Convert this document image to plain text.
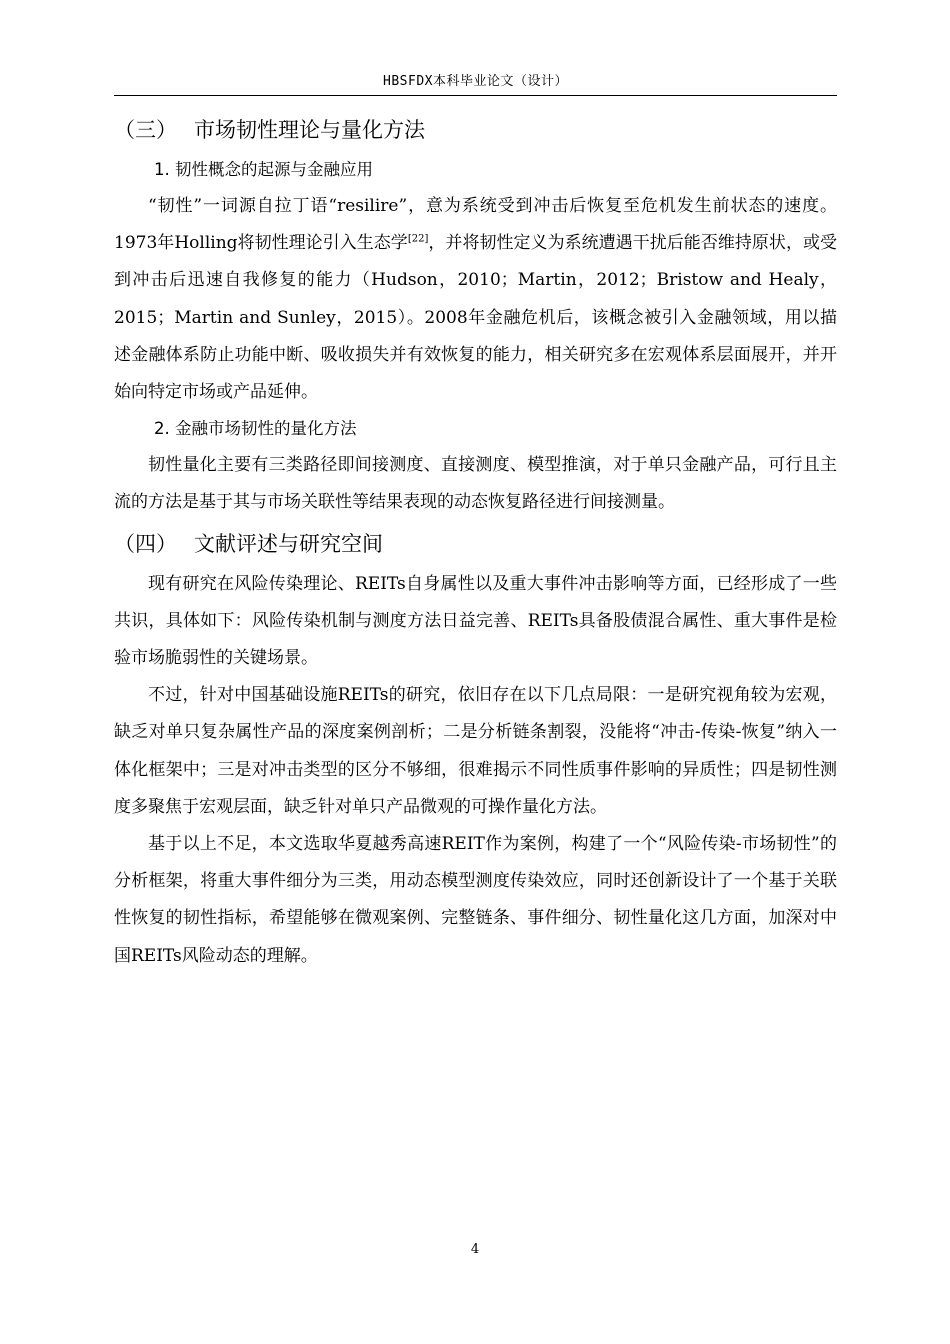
HBSFDX本科毕业论文（设计）
（三） 市场韧性理论与量化方法
1. 韧性概念的起源与金融应用

“韧性”一词源自拉丁语“resilire”，意为系统受到冲击后恢复至危机发生前状态的速度。1973年Holling将韧性理论引入生态学[22]，并将韧性定义为系统遭遇干扰后能否维持原状，或受到冲击后迅速自我修复的能力（Hudson，2010；Martin，2012；Bristow and Healy，2015；Martin and Sunley，2015）。2008年金融危机后，该概念被引入金融领域，用以描述金融体系防止功能中断、吸收损失并有效恢复的能力，相关研究多在宏观体系层面展开，并开始向特定市场或产品延伸。

2. 金融市场韧性的量化方法

韧性量化主要有三类路径即间接测度、直接测度、模型推演，对于单只金融产品，可行且主流的方法是基于其与市场关联性等结果表现的动态恢复路径进行间接测量。

（四） 文献评述与研究空间

现有研究在风险传染理论、REITs自身属性以及重大事件冲击影响等方面，已经形成了一些共识，具体如下：风险传染机制与测度方法日益完善、REITs具备股债混合属性、重大事件是检验市场脆弱性的关键场景。

不过，针对中国基础设施REITs的研究，依旧存在以下几点局限：一是研究视角较为宏观，缺乏对单只复杂属性产品的深度案例剖析；二是分析链条割裂，没能将“冲击-传染-恢复”纳入一体化框架中；三是对冲击类型的区分不够细，很难揭示不同性质事件影响的异质性；四是韧性测度多聚焦于宏观层面，缺乏针对单只产品微观的可操作量化方法。

基于以上不足，本文选取华夏越秀高速REIT作为案例，构建了一个“风险传染-市场韧性”的分析框架，将重大事件细分为三类，用动态模型测度传染效应，同时还创新设计了一个基于关联性恢复的韧性指标，希望能够在微观案例、完整链条、事件细分、韧性量化这几方面，加深对中国REITs风险动态的理解。

4
